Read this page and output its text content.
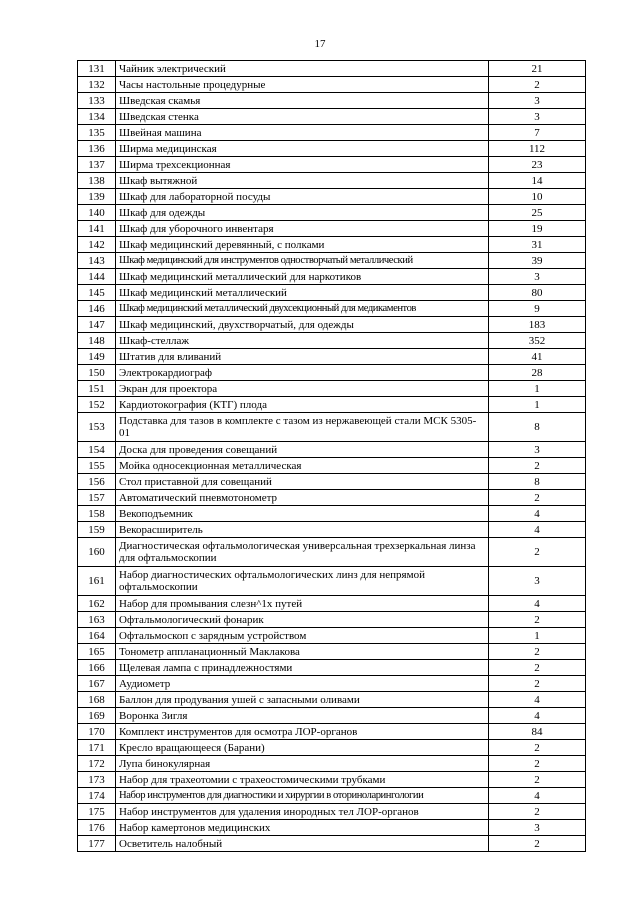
17
131	Чайник электрический	21
132	Часы настольные процедурные	2
133	Шведская скамья	3
134	Шведская стенка	3
135	Швейная машина	7
136	Ширма медицинская	112
137	Ширма трехсекционная	23
138	Шкаф вытяжной	14
139	Шкаф для лабораторной посуды	10
140	Шкаф для одежды	25
141	Шкаф для уборочного инвентаря	19
142	Шкаф медицинский деревянный, с полками	31
143	Шкаф медицинский для инструментов одностворчатый металлический	39
144	Шкаф медицинский металлический для наркотиков	3
145	Шкаф медицинский металлический	80
146	Шкаф медицинский металлический двухсекционный для медикаментов	9
147	Шкаф медицинский, двухстворчатый, для одежды	183
148	Шкаф-стеллаж	352
149	Штатив для вливаний	41
150	Электрокардиограф	28
151	Экран для проектора	1
152	Кардиотокография (КТГ) плода	1
153	Подставка для тазов в комплекте с тазом из нержавеющей стали МСК 5305-01	8
154	Доска для проведения совещаний	3
155	Мойка односекционная металлическая	2
156	Стол приставной для совещаний	8
157	Автоматический пневмотонометр	2
158	Векоподъемник	4
159	Веко​расширитель	4
160	Диагностическая офтальмологическая универсальная трехзеркальная линза для офтальмоскопии	2
161	Набор диагностических офтальмологических линз для непрямой офтальмоскопии	3
162	Набор для промывания слезн^1х путей	4
163	Офтальмологический фонарик	2
164	Офтальмоскоп с зарядным устройством	1
165	Тонометр аппланационный Маклакова	2
166	Щелевая лампа с принадлежностями	2
167	Аудиометр	2
168	Баллон для продувания ушей с запасными оливами	4
169	Воронка Зигля	4
170	Комплект инструментов для осмотра ЛОР-органов	84
171	Кресло вращающееся (Барани)	2
172	Лупа бинокулярная	2
173	Набор для трахеотомии с трахеостомическими трубками	2
174	Набор инструментов для диагностики и хирургии в оториноларингологии	4
175	Набор инструментов для удаления инородных тел ЛОР-органов	2
176	Набор камертонов медицинских	3
177	Осветитель налобный	2
